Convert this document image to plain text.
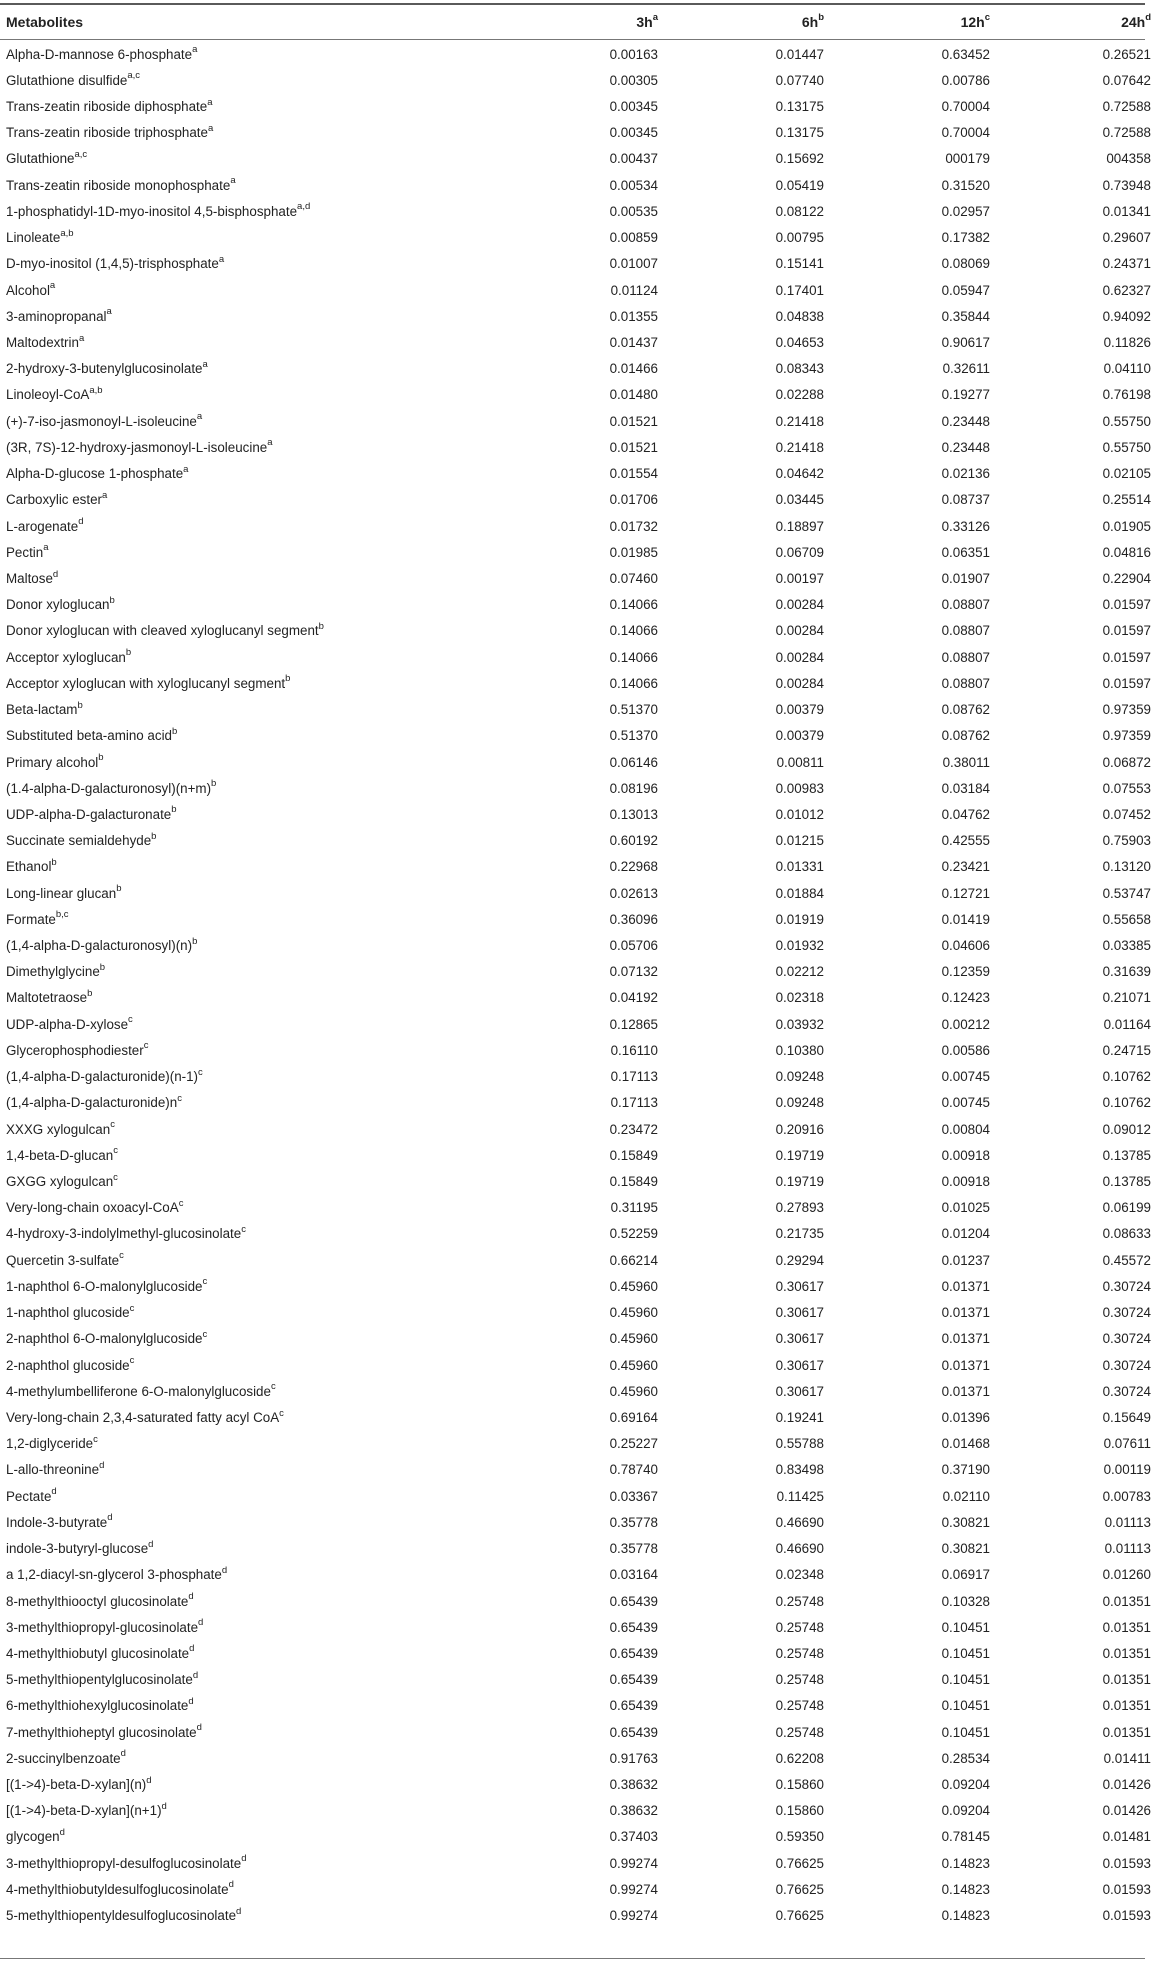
Metabolites	$3h^a$	$6h^b$	$12h^c$	$24h^d$
Alpha-D-mannose 6-phosphate$^a$	0.00163	0.01447	0.63452	0.26521
Glutathione disulfide$^{a,c}$	0.00305	0.07740	0.00786	0.07642
Trans-zeatin riboside diphosphate$^a$	0.00345	0.13175	0.70004	0.72588
Trans-zeatin riboside triphosphate$^a$	0.00345	0.13175	0.70004	0.72588
Glutathione$^{a,c}$	0.00437	0.15692	000179	004358
Trans-zeatin riboside monophosphate$^a$	0.00534	0.05419	0.31520	0.73948
1-phosphatidyl-1D-myo-inositol 4,5-bisphosphate$^{a,d}$	0.00535	0.08122	0.02957	0.01341
Linoleate$^{a,b}$	0.00859	0.00795	0.17382	0.29607
D-myo-inositol (1,4,5)-trisphosphate$^a$	0.01007	0.15141	0.08069	0.24371
Alcohol$^a$	0.01124	0.17401	0.05947	0.62327
3-aminopropanal$^a$	0.01355	0.04838	0.35844	0.94092
Maltodextrin$^a$	0.01437	0.04653	0.90617	0.11826
2-hydroxy-3-butenylglucosinolate$^a$	0.01466	0.08343	0.32611	0.04110
Linoleoyl-CoA$^{a,b}$	0.01480	0.02288	0.19277	0.76198
(+)-7-iso-jasmonoyl-L-isoleucine$^a$	0.01521	0.21418	0.23448	0.55750
(3R, 7S)-12-hydroxy-jasmonoyl-L-isoleucine$^a$	0.01521	0.21418	0.23448	0.55750
Alpha-D-glucose 1-phosphate$^a$	0.01554	0.04642	0.02136	0.02105
Carboxylic ester$^a$	0.01706	0.03445	0.08737	0.25514
L-arogenate$^d$	0.01732	0.18897	0.33126	0.01905
Pectin$^a$	0.01985	0.06709	0.06351	0.04816
Maltose$^d$	0.07460	0.00197	0.01907	0.22904
Donor xyloglucan$^b$	0.14066	0.00284	0.08807	0.01597
Donor xyloglucan with cleaved xyloglucanyl segment$^b$	0.14066	0.00284	0.08807	0.01597
Acceptor xyloglucan$^b$	0.14066	0.00284	0.08807	0.01597
Acceptor xyloglucan with xyloglucanyl segment$^b$	0.14066	0.00284	0.08807	0.01597
Beta-lactam$^b$	0.51370	0.00379	0.08762	0.97359
Substituted beta-amino acid$^b$	0.51370	0.00379	0.08762	0.97359
Primary alcohol$^b$	0.06146	0.00811	0.38011	0.06872
$(1.4-alpha-D-galacturonosyl)(n+m)^b$	0.08196	0.00983	0.03184	0.07553
UDP-alpha-D-galacturonate$^b$	0.13013	0.01012	0.04762	0.07452
Succinate semialdehyde$^b$	0.60192	0.01215	0.42555	0.75903
Ethanol$^b$	0.22968	0.01331	0.23421	0.13120
Long-linear glucan$^b$	0.02613	0.01884	0.12721	0.53747
Formate$^{b,c}$	0.36096	0.01919	0.01419	0.55658
$(1,4-alpha-D-galacturonosyl)(n)^b$	0.05706	0.01932	0.04606	0.03385
Dimethylglycine$^b$	0.07132	0.02212	0.12359	0.31639
Maltotetraose$^b$	0.04192	0.02318	0.12423	0.21071
UDP-alpha-D-xylose$^c$	0.12865	0.03932	0.00212	0.01164
Glycerophosphodiester$^c$	0.16110	0.10380	0.00586	0.24715
$(1,4-alpha-D-galacturonide)(n-1)^c$	0.17113	0.09248	0.00745	0.10762
$(1,4-alpha-D-galacturonide)n^c$	0.17113	0.09248	0.00745	0.10762
XXXG xylogulcan$^c$	0.23472	0.20916	0.00804	0.09012
1,4-beta-D-glucan$^c$	0.15849	0.19719	0.00918	0.13785
GXGG xylogulcan$^c$	0.15849	0.19719	0.00918	0.13785
Very-long-chain oxoacyl-CoA$^c$	0.31195	0.27893	0.01025	0.06199
4-hydroxy-3-indolylmethyl-glucosinolate$^c$	0.52259	0.21735	0.01204	0.08633
Quercetin 3-sulfate$^c$	0.66214	0.29294	0.01237	0.45572
1-naphthol 6-O-malonylglucoside$^c$	0.45960	0.30617	0.01371	0.30724
1-naphthol glucoside$^c$	0.45960	0.30617	0.01371	0.30724
2-naphthol 6-O-malonylglucoside$^c$	0.45960	0.30617	0.01371	0.30724
2-naphthol glucoside$^c$	0.45960	0.30617	0.01371	0.30724
4-methylumbelliferone 6-O-malonylglucoside$^c$	0.45960	0.30617	0.01371	0.30724
Very-long-chain 2,3,4-saturated fatty acyl CoA$^c$	0.69164	0.19241	0.01396	0.15649
1,2-diglyceride$^c$	0.25227	0.55788	0.01468	0.07611
L-allo-threonine$^d$	0.78740	0.83498	0.37190	0.00119
Pectate$^d$	0.03367	0.11425	0.02110	0.00783
Indole-3-butyrate$^d$	0.35778	0.46690	0.30821	0.01113
indole-3-butyryl-glucose$^d$	0.35778	0.46690	0.30821	0.01113
a 1,2-diacyl-sn-glycerol 3-phosphate$^d$	0.03164	0.02348	0.06917	0.01260
8-methylthiooctyl glucosinolate$^d$	0.65439	0.25748	0.10328	0.01351
3-methylthiopropyl-glucosinolate$^d$	0.65439	0.25748	0.10451	0.01351
4-methylthiobutyl glucosinolate$^d$	0.65439	0.25748	0.10451	0.01351
5-methylthiopentylglucosinolate$^d$	0.65439	0.25748	0.10451	0.01351
6-methylthiohexylglucosinolate$^d$	0.65439	0.25748	0.10451	0.01351
7-methylthioheptyl glucosinolate$^d$	0.65439	0.25748	0.10451	0.01351
2-succinylbenzoate$^d$	0.91763	0.62208	0.28534	0.01411
$[(1->4)-beta-D-xylan](n)^d$	0.38632	0.15860	0.09204	0.01426
$[(1->4)-beta-D-xylan](n+1)^d$	0.38632	0.15860	0.09204	0.01426
glycogen$^d$	0.37403	0.59350	0.78145	0.01481
3-methylthiopropyl-desulfoglucosinolate$^d$	0.99274	0.76625	0.14823	0.01593
4-methylthiobutyldesulfoglucosinolate$^d$	0.99274	0.76625	0.14823	0.01593
5-methylthiopentyldesulfoglucosinolate$^d$	0.99274	0.76625	0.14823	0.01593
